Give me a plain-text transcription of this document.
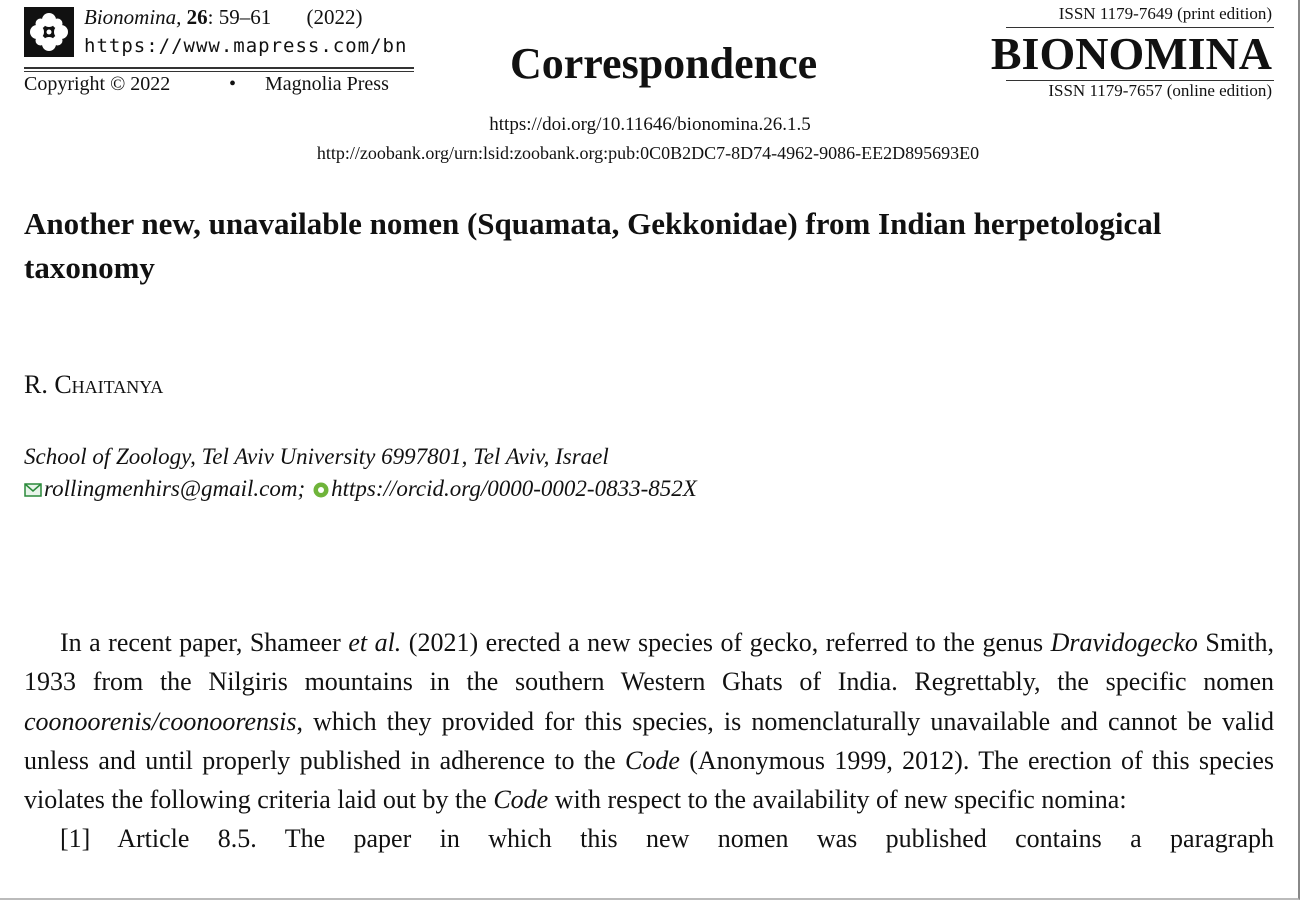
Bionomina, 26: 59–61 (2022)
https://www.mapress.com/bn
Copyright © 2022	• Magnolia Press	Correspondence
ISSN 1179-7649 (print edition)
BIONOMINA
ISSN 1179-7657 (online edition)
https://doi.org/10.11646/bionomina.26.1.5
http://zoobank.org/urn:lsid:zoobank.org:pub:0C0B2DC7-8D74-4962-9086-EE2D895693E0
Another new, unavailable nomen (Squamata, Gekkonidae) from Indian herpetological taxonomy
R. Chaitanya
School of Zoology, Tel Aviv University 6997801, Tel Aviv, Israel
rollingmenhirs@gmail.com; https://orcid.org/0000-0002-0833-852X

In a recent paper, Shameer et al. (2021) erected a new species of gecko, referred to the genus Dravidogecko Smith, 1933 from the Nilgiris mountains in the southern Western Ghats of India. Regrettably, the specific nomen coonoorenis/coonoorensis, which they provided for this species, is nomenclaturally unavailable and cannot be valid unless and until properly published in adherence to the Code (Anonymous 1999, 2012). The erection of this species violates the following criteria laid out by the Code with respect to the availability of new specific nomina:

[1] Article 8.5. The paper in which this new nomen was published contains a paragraph
